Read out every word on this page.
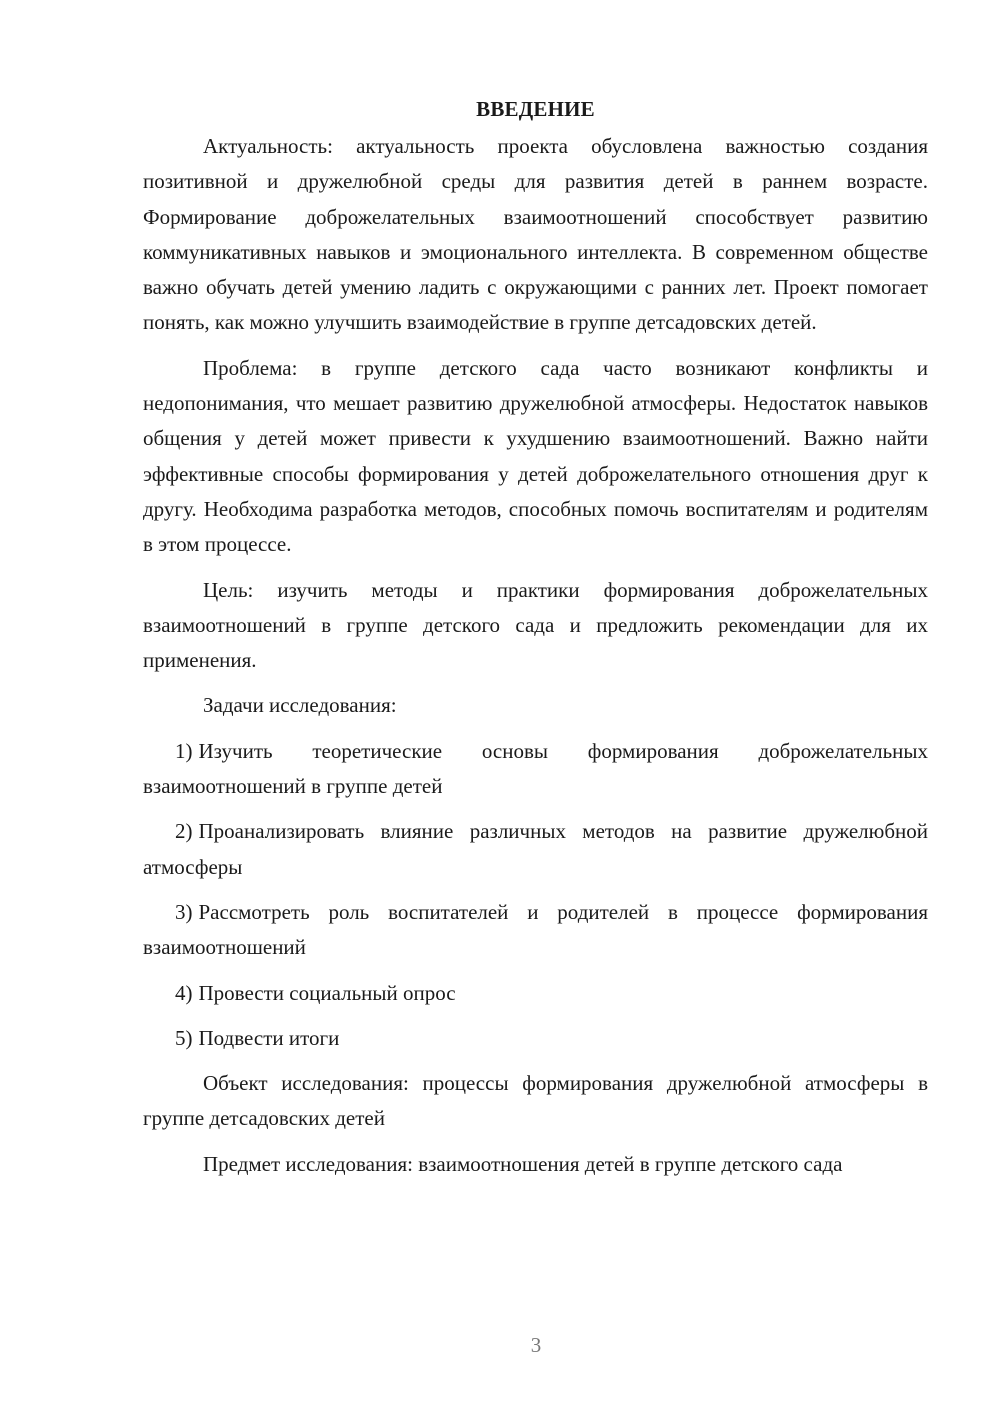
ВВЕДЕНИЕ

Актуальность: актуальность проекта обусловлена важностью создания позитивной и дружелюбной среды для развития детей в раннем возрасте. Формирование доброжелательных взаимоотношений способствует развитию коммуникативных навыков и эмоционального интеллекта. В современном обществе важно обучать детей умению ладить с окружающими с ранних лет. Проект помогает понять, как можно улучшить взаимодействие в группе детсадовских детей.

Проблема: в группе детского сада часто возникают конфликты и недопонимания, что мешает развитию дружелюбной атмосферы. Недостаток навыков общения у детей может привести к ухудшению взаимоотношений. Важно найти эффективные способы формирования у детей доброжелательного отношения друг к другу. Необходима разработка методов, способных помочь воспитателям и родителям в этом процессе.

Цель: изучить методы и практики формирования доброжелательных взаимоотношений в группе детского сада и предложить рекомендации для их применения.

Задачи исследования:

1) Изучить теоретические основы формирования доброжелательных взаимоотношений в группе детей

2) Проанализировать влияние различных методов на развитие дружелюбной атмосферы

3) Рассмотреть роль воспитателей и родителей в процессе формирования взаимоотношений

4) Провести социальный опрос

5) Подвести итоги

Объект исследования: процессы формирования дружелюбной атмосферы в группе детсадовских детей

Предмет исследования: взаимоотношения детей в группе детского сада

3
